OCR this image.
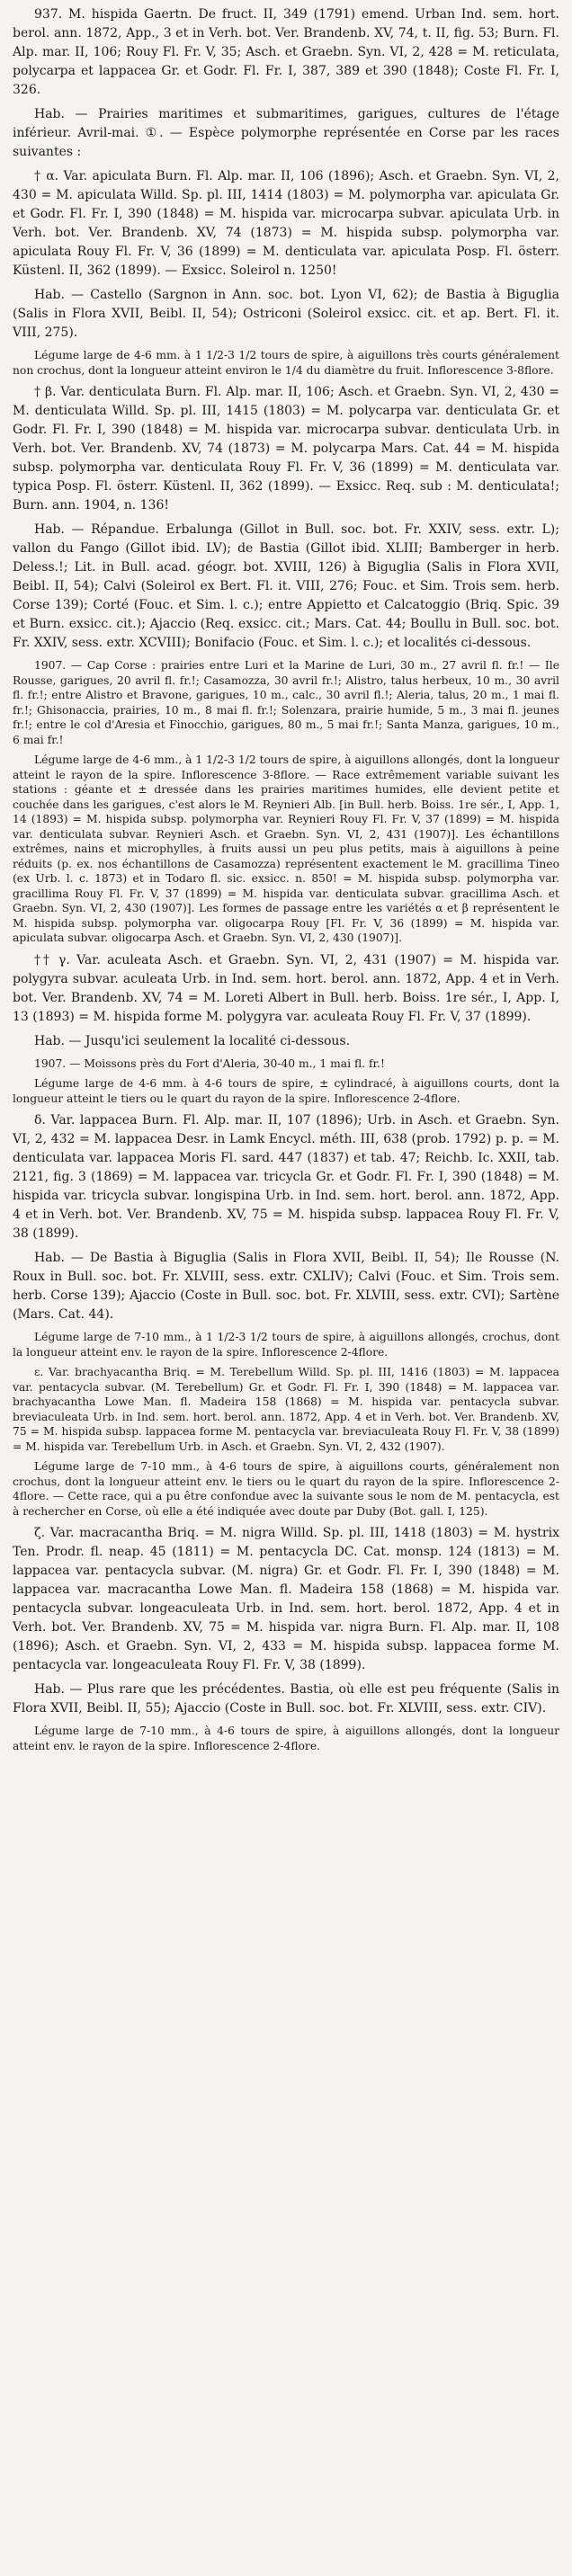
937. M. hispida Gaertn. De fruct. II, 349 (1791) emend. Urban Ind. sem. hort. berol. ann. 1872, App., 3 et in Verh. bot. Ver. Brandenb. XV, 74, t. II, fig. 53; Burn. Fl. Alp. mar. II, 106; Rouy Fl. Fr. V, 35; Asch. et Graebn. Syn. VI, 2, 428 = M. reticulata, polycarpa et lappacea Gr. et Godr. Fl. Fr. I, 387, 389 et 390 (1848); Coste Fl. Fr. I, 326.

Hab. — Prairies maritimes et submaritimes, garigues, cultures de l'étage inférieur. Avril-mai. ①. — Espèce polymorphe représentée en Corse par les races suivantes :

† α. Var. apiculata Burn. Fl. Alp. mar. II, 106 (1896); Asch. et Graebn. Syn. VI, 2, 430 = M. apiculata Willd. Sp. pl. III, 1414 (1803) = M. polymorpha var. apiculata Gr. et Godr. Fl. Fr. I, 390 (1848) = M. hispida var. microcarpa subvar. apiculata Urb. in Verh. bot. Ver. Brandenb. XV, 74 (1873) = M. hispida subsp. polymorpha var. apiculata Rouy Fl. Fr. V, 36 (1899) = M. denticulata var. apiculata Posp. Fl. österr. Küstenl. II, 362 (1899). — Exsicc. Soleirol n. 1250!

Hab. — Castello (Sargnon in Ann. soc. bot. Lyon VI, 62); de Bastia à Biguglia (Salis in Flora XVII, Beibl. II, 54); Ostriconi (Soleirol exsicc. cit. et ap. Bert. Fl. it. VIII, 275).

Légume large de 4-6 mm. à 1 1/2-3 1/2 tours de spire, à aiguillons très courts généralement non crochus, dont la longueur atteint environ le 1/4 du diamètre du fruit. Inflorescence 3-8flore.

† β. Var. denticulata Burn. Fl. Alp. mar. II, 106; Asch. et Graebn. Syn. VI, 2, 430 = M. denticulata Willd. Sp. pl. III, 1415 (1803) = M. polycarpa var. denticulata Gr. et Godr. Fl. Fr. I, 390 (1848) = M. hispida var. microcarpa subvar. denticulata Urb. in Verh. bot. Ver. Brandenb. XV, 74 (1873) = M. polycarpa Mars. Cat. 44 = M. hispida subsp. polymorpha var. denticulata Rouy Fl. Fr. V, 36 (1899) = M. denticulata var. typica Posp. Fl. österr. Küstenl. II, 362 (1899). — Exsicc. Req. sub : M. denticulata!; Burn. ann. 1904, n. 136!

Hab. — Répandue. Erbalunga (Gillot in Bull. soc. bot. Fr. XXIV, sess. extr. L); vallon du Fango (Gillot ibid. LV); de Bastia (Gillot ibid. XLIII; Bamberger in herb. Deless.!; Lit. in Bull. acad. géogr. bot. XVIII, 126) à Biguglia (Salis in Flora XVII, Beibl. II, 54); Calvi (Soleirol ex Bert. Fl. it. VIII, 276; Fouc. et Sim. Trois sem. herb. Corse 139); Corté (Fouc. et Sim. l. c.); entre Appietto et Calcatoggio (Briq. Spic. 39 et Burn. exsicc. cit.); Ajaccio (Req. exsicc. cit.; Mars. Cat. 44; Boullu in Bull. soc. bot. Fr. XXIV, sess. extr. XCVIII); Bonifacio (Fouc. et Sim. l. c.); et localités ci-dessous.

1907. — Cap Corse : prairies entre Luri et la Marine de Luri, 30 m., 27 avril fl. fr.! — Ile Rousse, garigues, 20 avril fl. fr.!; Casamozza, 30 avril fr.!; Alistro, talus herbeux, 10 m., 30 avril fl. fr.!; entre Alistro et Bravone, garigues, 10 m., calc., 30 avril fl.!; Aleria, talus, 20 m., 1 mai fl. fr.!; Ghisonaccia, prairies, 10 m., 8 mai fl. fr.!; Solenzara, prairie humide, 5 m., 3 mai fl. jeunes fr.!; entre le col d'Aresia et Finocchio, garigues, 80 m., 5 mai fr.!; Santa Manza, garigues, 10 m., 6 mai fr.!

Légume large de 4-6 mm., à 1 1/2-3 1/2 tours de spire, à aiguillons allongés, dont la longueur atteint le rayon de la spire. Inflorescence 3-8flore. — Race extrêmement variable suivant les stations : géante et ± dressée dans les prairies maritimes humides, elle devient petite et couchée dans les garigues, c'est alors le M. Reynieri Alb. [in Bull. herb. Boiss. 1re sér., I, App. 1, 14 (1893) = M. hispida subsp. polymorpha var. Reynieri Rouy Fl. Fr. V, 37 (1899) = M. hispida var. denticulata subvar. Reynieri Asch. et Graebn. Syn. VI, 2, 431 (1907)]. Les échantillons extrêmes, nains et microphylles, à fruits aussi un peu plus petits, mais à aiguillons à peine réduits (p. ex. nos échantillons de Casamozza) représentent exactement le M. gracillima Tineo (ex Urb. l. c. 1873) et in Todaro fl. sic. exsicc. n. 850! = M. hispida subsp. polymorpha var. gracillima Rouy Fl. Fr. V, 37 (1899) = M. hispida var. denticulata subvar. gracillima Asch. et Graebn. Syn. VI, 2, 430 (1907)]. Les formes de passage entre les variétés α et β représentent le M. hispida subsp. polymorpha var. oligocarpa Rouy [Fl. Fr. V, 36 (1899) = M. hispida var. apiculata subvar. oligocarpa Asch. et Graebn. Syn. VI, 2, 430 (1907)].

†† γ. Var. aculeata Asch. et Graebn. Syn. VI, 2, 431 (1907) = M. hispida var. polygyra subvar. aculeata Urb. in Ind. sem. hort. berol. ann. 1872, App. 4 et in Verh. bot. Ver. Brandenb. XV, 74 = M. Loreti Albert in Bull. herb. Boiss. 1re sér., I, App. I, 13 (1893) = M. hispida forme M. polygyra var. aculeata Rouy Fl. Fr. V, 37 (1899).

Hab. — Jusqu'ici seulement la localité ci-dessous.

1907. — Moissons près du Fort d'Aleria, 30-40 m., 1 mai fl. fr.!

Légume large de 4-6 mm. à 4-6 tours de spire, ± cylindracé, à aiguillons courts, dont la longueur atteint le tiers ou le quart du rayon de la spire. Inflorescence 2-4flore.

δ. Var. lappacea Burn. Fl. Alp. mar. II, 107 (1896); Urb. in Asch. et Graebn. Syn. VI, 2, 432 = M. lappacea Desr. in Lamk Encycl. méth. III, 638 (prob. 1792) p. p. = M. denticulata var. lappacea Moris Fl. sard. 447 (1837) et tab. 47; Reichb. Ic. XXII, tab. 2121, fig. 3 (1869) = M. lappacea var. tricycla Gr. et Godr. Fl. Fr. I, 390 (1848) = M. hispida var. tricycla subvar. longispina Urb. in Ind. sem. hort. berol. ann. 1872, App. 4 et in Verh. bot. Ver. Brandenb. XV, 75 = M. hispida subsp. lappacea Rouy Fl. Fr. V, 38 (1899).

Hab. — De Bastia à Biguglia (Salis in Flora XVII, Beibl. II, 54); Ile Rousse (N. Roux in Bull. soc. bot. Fr. XLVIII, sess. extr. CXLIV); Calvi (Fouc. et Sim. Trois sem. herb. Corse 139); Ajaccio (Coste in Bull. soc. bot. Fr. XLVIII, sess. extr. CVI); Sartène (Mars. Cat. 44).

Légume large de 7-10 mm., à 1 1/2-3 1/2 tours de spire, à aiguillons allongés, crochus, dont la longueur atteint env. le rayon de la spire. Inflorescence 2-4flore.

ε. Var. brachyacantha Briq. = M. Terebellum Willd. Sp. pl. III, 1416 (1803) = M. lappacea var. pentacycla subvar. (M. Terebellum) Gr. et Godr. Fl. Fr. I, 390 (1848) = M. lappacea var. brachyacantha Lowe Man. fl. Madeira 158 (1868) = M. hispida var. pentacycla subvar. breviaculeata Urb. in Ind. sem. hort. berol. ann. 1872, App. 4 et in Verh. bot. Ver. Brandenb. XV, 75 = M. hispida subsp. lappacea forme M. pentacycla var. breviaculeata Rouy Fl. Fr. V, 38 (1899) = M. hispida var. Terebellum Urb. in Asch. et Graebn. Syn. VI, 2, 432 (1907).

Légume large de 7-10 mm., à 4-6 tours de spire, à aiguillons courts, généralement non crochus, dont la longueur atteint env. le tiers ou le quart du rayon de la spire. Inflorescence 2-4flore. — Cette race, qui a pu être confondue avec la suivante sous le nom de M. pentacycla, est à rechercher en Corse, où elle a été indiquée avec doute par Duby (Bot. gall. I, 125).

ζ. Var. macracantha Briq. = M. nigra Willd. Sp. pl. III, 1418 (1803) = M. hystrix Ten. Prodr. fl. neap. 45 (1811) = M. pentacycla DC. Cat. monsp. 124 (1813) = M. lappacea var. pentacycla subvar. (M. nigra) Gr. et Godr. Fl. Fr. I, 390 (1848) = M. lappacea var. macracantha Lowe Man. fl. Madeira 158 (1868) = M. hispida var. pentacycla subvar. longeaculeata Urb. in Ind. sem. hort. berol. 1872, App. 4 et in Verh. bot. Ver. Brandenb. XV, 75 = M. hispida var. nigra Burn. Fl. Alp. mar. II, 108 (1896); Asch. et Graebn. Syn. VI, 2, 433 = M. hispida subsp. lappacea forme M. pentacycla var. longeaculeata Rouy Fl. Fr. V, 38 (1899).

Hab. — Plus rare que les précédentes. Bastia, où elle est peu fréquente (Salis in Flora XVII, Beibl. II, 55); Ajaccio (Coste in Bull. soc. bot. Fr. XLVIII, sess. extr. CIV).

Légume large de 7-10 mm., à 4-6 tours de spire, à aiguillons allongés, dont la longueur atteint env. le rayon de la spire. Inflorescence 2-4flore.
